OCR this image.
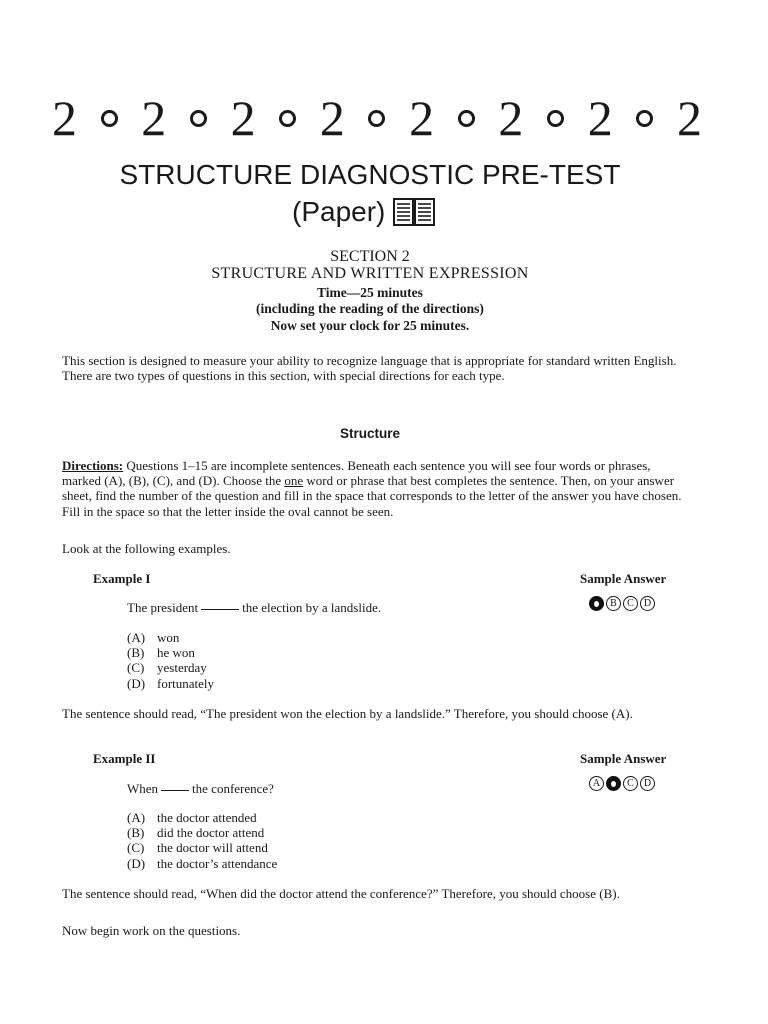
2 2 2 2 2 2 2 2
STRUCTURE DIAGNOSTIC PRE-TEST
(Paper)
SECTION 2
STRUCTURE AND WRITTEN EXPRESSION
Time—25 minutes
(including the reading of the directions)
Now set your clock for 25 minutes.
This section is designed to measure your ability to recognize language that is appropriate for standard written English. There are two types of questions in this section, with special directions for each type.
Structure
Directions: Questions 1–15 are incomplete sentences. Beneath each sentence you will see four words or phrases, marked (A), (B), (C), and (D). Choose the one word or phrase that best completes the sentence. Then, on your answer sheet, find the number of the question and fill in the space that corresponds to the letter of the answer you have chosen. Fill in the space so that the letter inside the oval cannot be seen.
Look at the following examples.
Example I	Sample Answer
The president	the election by a landslide.	B	C	D
(A) won
(B) he won
(C) yesterday
(D) fortunately
The sentence should read, “The president won the election by a landslide.” Therefore, you should choose (A).
Example II	Sample Answer
When	the conference?	A	C	D
(A) the doctor attended
(B) did the doctor attend
(C) the doctor will attend
(D) the doctor’s attendance
The sentence should read, “When did the doctor attend the conference?” Therefore, you should choose (B).
Now begin work on the questions.
